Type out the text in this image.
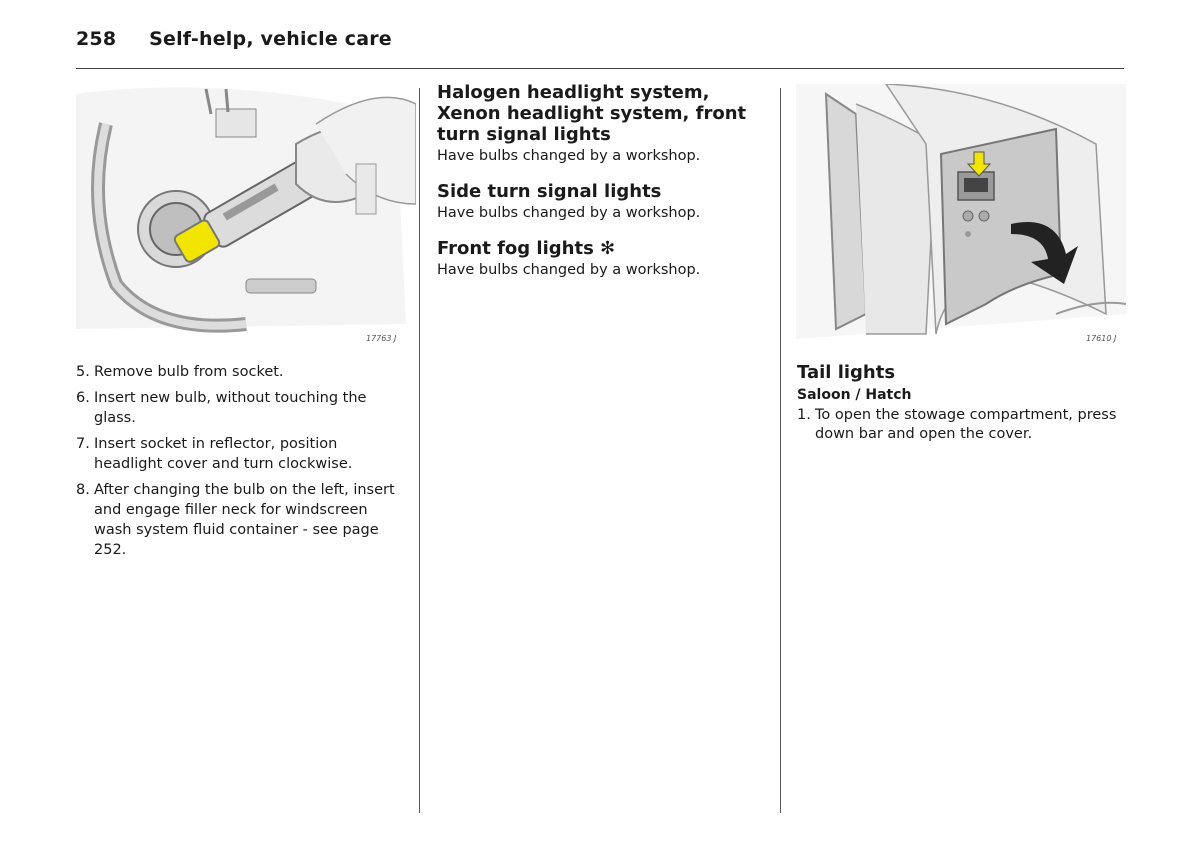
258 Self-help, vehicle care
17763 J
5. Remove bulb from socket.
6. Insert new bulb, without touching the glass.
7. Insert socket in reflector, position headlight cover and turn clockwise.
8. After changing the bulb on the left, insert and engage filler neck for windscreen wash system fluid container - see page 252.
Halogen headlight system, Xenon headlight system, front turn signal lights

Have bulbs changed by a workshop.

Side turn signal lights

Have bulbs changed by a workshop.

Front fog lights ✻

Have bulbs changed by a workshop.

17610 J
Tail lights
Saloon / Hatch
1. To open the stowage compartment, press down bar and open the cover.
